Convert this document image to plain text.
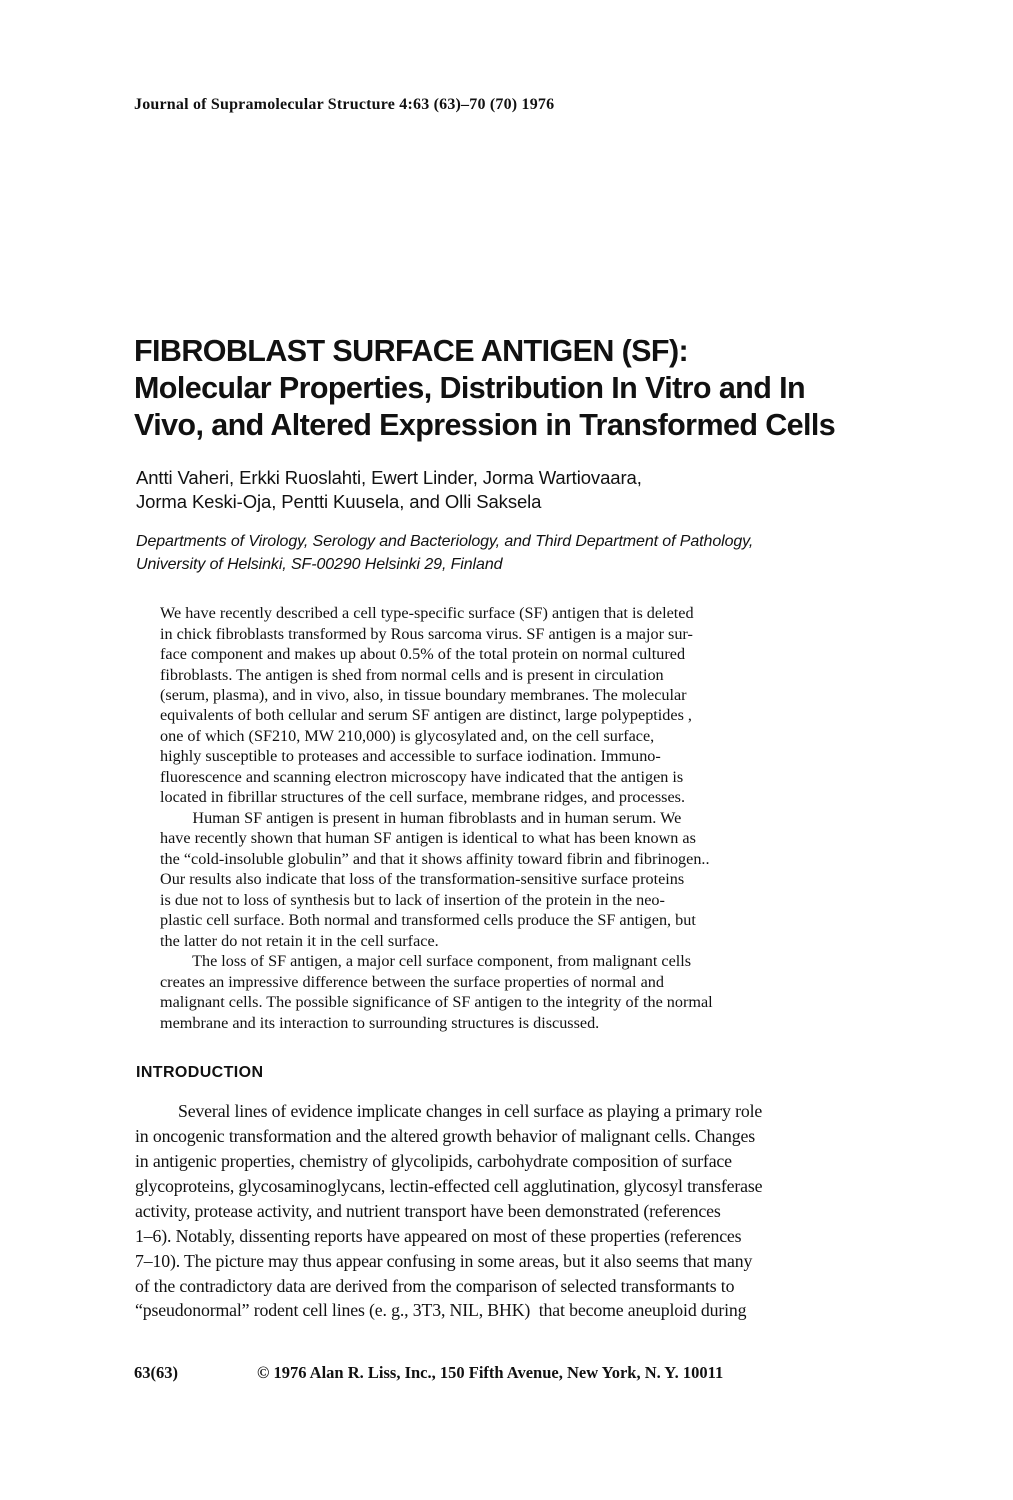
Journal of Supramolecular Structure 4:63 (63)–70 (70) 1976
FIBROBLAST SURFACE ANTIGEN (SF):
Molecular Properties, Distribution In Vitro and In
Vivo, and Altered Expression in Transformed Cells
Antti Vaheri, Erkki Ruoslahti, Ewert Linder, Jorma Wartiovaara,
Jorma Keski-Oja, Pentti Kuusela, and Olli Saksela
Departments of Virology, Serology and Bacteriology, and Third Department of Pathology,
University of Helsinki, SF-00290 Helsinki 29, Finland
We have recently described a cell type-specific surface (SF) antigen that is deleted
in chick fibroblasts transformed by Rous sarcoma virus. SF antigen is a major sur-
face component and makes up about 0.5% of the total protein on normal cultured
fibroblasts. The antigen is shed from normal cells and is present in circulation
(serum, plasma), and in vivo, also, in tissue boundary membranes. The molecular
equivalents of both cellular and serum SF antigen are distinct, large polypeptides ,
one of which (SF210, MW 210,000) is glycosylated and, on the cell surface,
highly susceptible to proteases and accessible to surface iodination. Immuno-
fluorescence and scanning electron microscopy have indicated that the antigen is
located in fibrillar structures of the cell surface, membrane ridges, and processes.
Human SF antigen is present in human fibroblasts and in human serum. We
have recently shown that human SF antigen is identical to what has been known as
the “cold-insoluble globulin” and that it shows affinity toward fibrin and fibrinogen..
Our results also indicate that loss of the transformation-sensitive surface proteins
is due not to loss of synthesis but to lack of insertion of the protein in the neo-
plastic cell surface. Both normal and transformed cells produce the SF antigen, but
the latter do not retain it in the cell surface.
The loss of SF antigen, a major cell surface component, from malignant cells
creates an impressive difference between the surface properties of normal and
malignant cells. The possible significance of SF antigen to the integrity of the normal
membrane and its interaction to surrounding structures is discussed.
INTRODUCTION
Several lines of evidence implicate changes in cell surface as playing a primary role
in oncogenic transformation and the altered growth behavior of malignant cells. Changes
in antigenic properties, chemistry of glycolipids, carbohydrate composition of surface
glycoproteins, glycosaminoglycans, lectin-effected cell agglutination, glycosyl transferase
activity, protease activity, and nutrient transport have been demonstrated (references
1–6). Notably, dissenting reports have appeared on most of these properties (references
7–10). The picture may thus appear confusing in some areas, but it also seems that many
of the contradictory data are derived from the comparison of selected transformants to
“pseudonormal” rodent cell lines (e. g., 3T3, NIL, BHK)  that become aneuploid during
63(63)	© 1976 Alan R. Liss, Inc., 150 Fifth Avenue, New York, N. Y. 10011
